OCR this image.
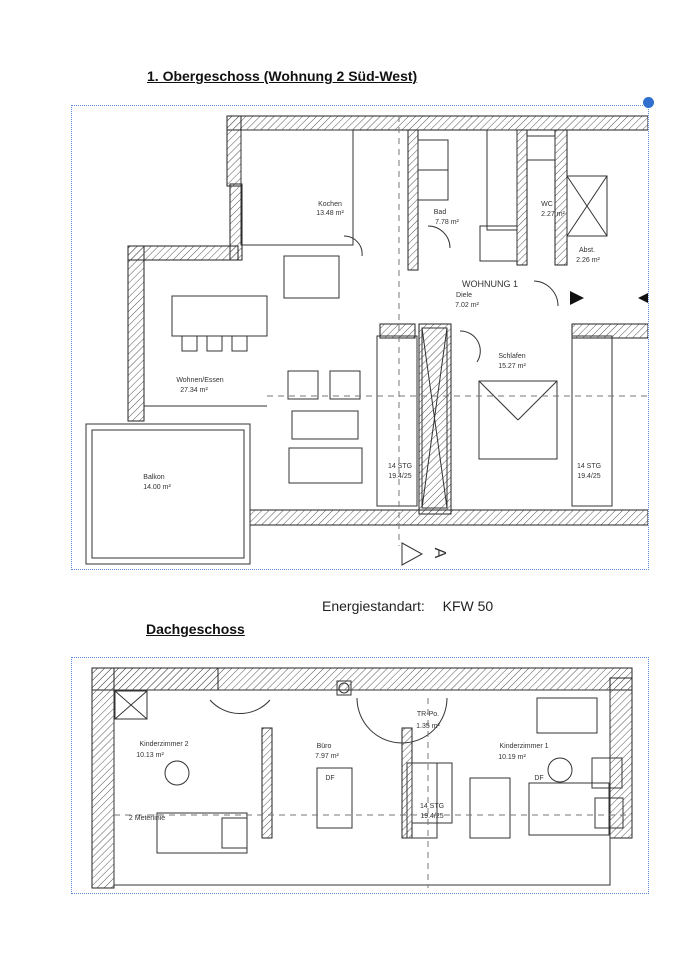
1. Obergeschoss (Wohnung 2 Süd-West)
Dachgeschoss
Energiestandart: KFW 50
Kochen
13.48 m²	Bad
7.78 m²
WC
2.27 m²
Abst.
2.26 m²
Diele
7.02 m²
Wohnen/Essen
27.34 m²
Schlafen
15.27 m²
Balkon
14.00 m²
14 STG
19.4/25
14 STG
19.4/25
WOHNUNG 1
A
Kinderzimmer 2
10.13 m²
Büro
7.97 m²
TR-Po.
1.35 m²
Kinderzimmer 1
10.19 m²
2 Meterlinie
DF	DF
14 STG
19.4/25
